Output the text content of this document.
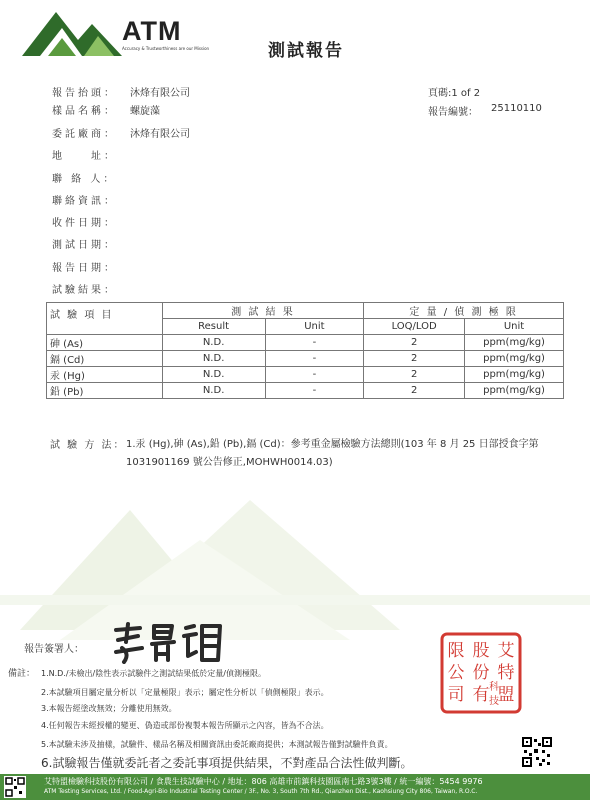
ATM
Accuracy & Trustworthiness are our Mission	測試報告
頁碼:1 of 2
報告編號： 25110110
報告抬頭： 沐烽有限公司
樣品名稱： 螺旋藻
委託廠商： 沐烽有限公司
地　　址：
聯 絡 人：
聯絡資訊：
收件日期：
測試日期：
報告日期：
試驗結果：
試 驗 項 目	測 試 結 果		定 量 / 偵 測 極 限	
	Result	Unit	LOQ/LOD	Unit
砷 (As)	N.D.	-	2	ppm(mg/kg)
鎘 (Cd)	N.D.	-	2	ppm(mg/kg)
汞 (Hg)	N.D.	-	2	ppm(mg/kg)
鉛 (Pb)	N.D.	-	2	ppm(mg/kg)
試 驗 方 法： 1.汞 (Hg),砷 (As),鉛 (Pb),鎘 (Cd)：參考重金屬檢驗方法總則(103 年 8 月 25 日部授食字第 1031901169 號公告修正,MOHWH0014.03)
報告簽署人：	限 股 艾
公 份 特
司 有 盟
科
技
備註： 1.N.D./未檢出/陰性表示試驗件之測試結果低於定量/偵測極限。
2.本試驗項目屬定量分析以「定量極限」表示；屬定性分析以「偵側極限」表示。
3.本報告經塗改無效；分離使用無效。
4.任何報告未經授權的變更、偽造或部份複製本報告所顯示之內容，皆為不合法。
5.本試驗未涉及抽樣，試驗件、樣品名稱及相關資訊由委託廠商提供；本測試報告僅對試驗件負責。
6.試驗報告僅就委託者之委託事項提供結果，不對產品合法性做判斷。
艾特盟檢驗科技股份有限公司 / 食農生技試驗中心 / 地址：806 高雄市前鎮科技園區南七路3號3樓 / 統一編號：5454 9976
ATM Testing Services, Ltd. / Food-Agri-Bio Industrial Testing Center / 3F., No. 3, South 7th Rd., Qianzhen Dist., Kaohsiung City 806, Taiwan, R.O.C.
